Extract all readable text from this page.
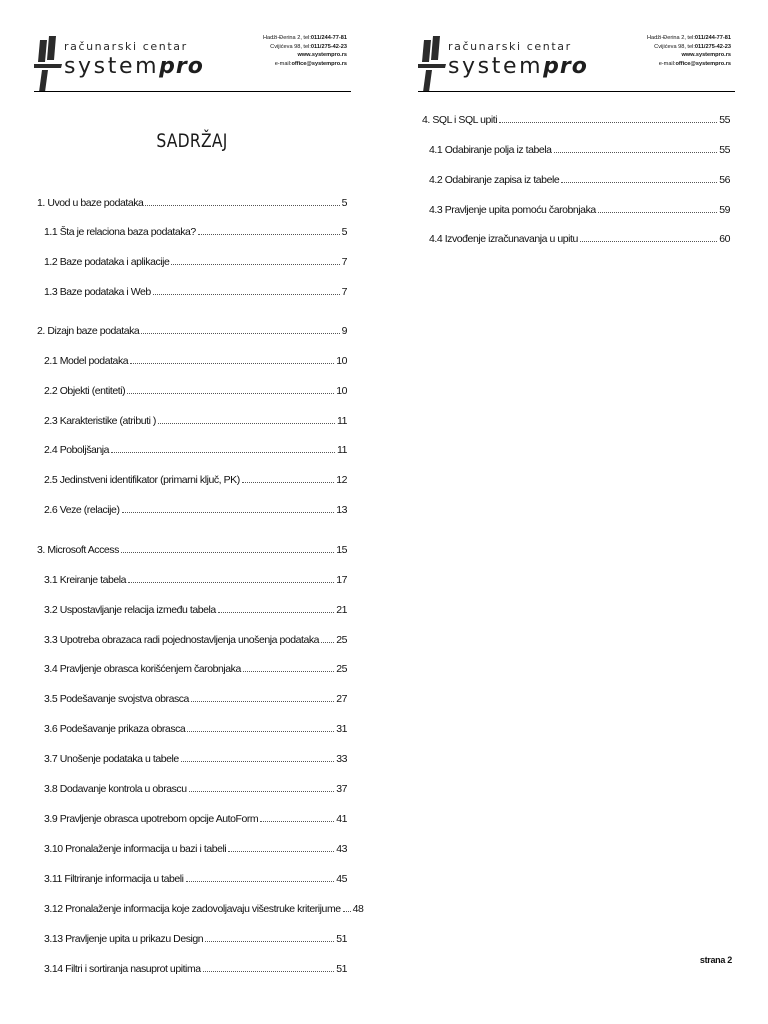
računarski centar
systempro
Hadži-Đerina 2, tel:011/244-77-81
Cvijićeva 98, tel:011/275-42-23
www.systempro.rs
e-mail:office@systempro.rs
SADRŽAJ
računarski centar
systempro
Hadži-Đerina 2, tel:011/244-77-81
Cvijićeva 98, tel:011/275-42-23
www.systempro.rs
e-mail:office@systempro.rs
strana 2
1. Uvod u baze podataka	5
1.1 Šta je relaciona baza podataka?	5
1.2 Baze podataka i aplikacije	7
1.3 Baze podataka i Web	7
2. Dizajn baze podataka	9
2.1 Model podataka	10
2.2 Objekti (entiteti)	10
2.3 Karakteristike (atributi )	11
2.4 Poboljšanja	11
2.5 Jedinstveni identifikator (primarni ključ, PK)	12
2.6 Veze (relacije)	13
3. Microsoft Access	15
3.1 Kreiranje tabela	17
3.2 Uspostavljanje relacija između tabela	21
3.3 Upotreba obrazaca radi pojednostavljenja unošenja podataka 25
3.4 Pravljenje obrasca korišćenjem čarobnjaka	25
3.5 Podešavanje svojstva obrasca	27
3.6 Podešavanje prikaza obrasca	31
3.7 Unošenje podataka u tabele	33
3.8 Dodavanje kontrola u obrascu	37
3.9 Pravljenje obrasca upotrebom opcije AutoForm	41
3.10 Pronalaženje informacija u bazi i tabeli	43
3.11 Filtriranje informacija u tabeli	45
3.12 Pronalaženje informacija koje zadovoljavaju višestruke kriterijume 48
3.13 Pravljenje upita u prikazu Design	51
3.14 Filtri i sortiranja nasuprot upitima	51
4. SQL i SQL upiti	55
4.1 Odabiranje polja iz tabela	55
4.2 Odabiranje zapisa iz tabele	56
4.3 Pravljenje upita pomoću čarobnjaka	59
4.4 Izvođenje izračunavanja u upitu	60
